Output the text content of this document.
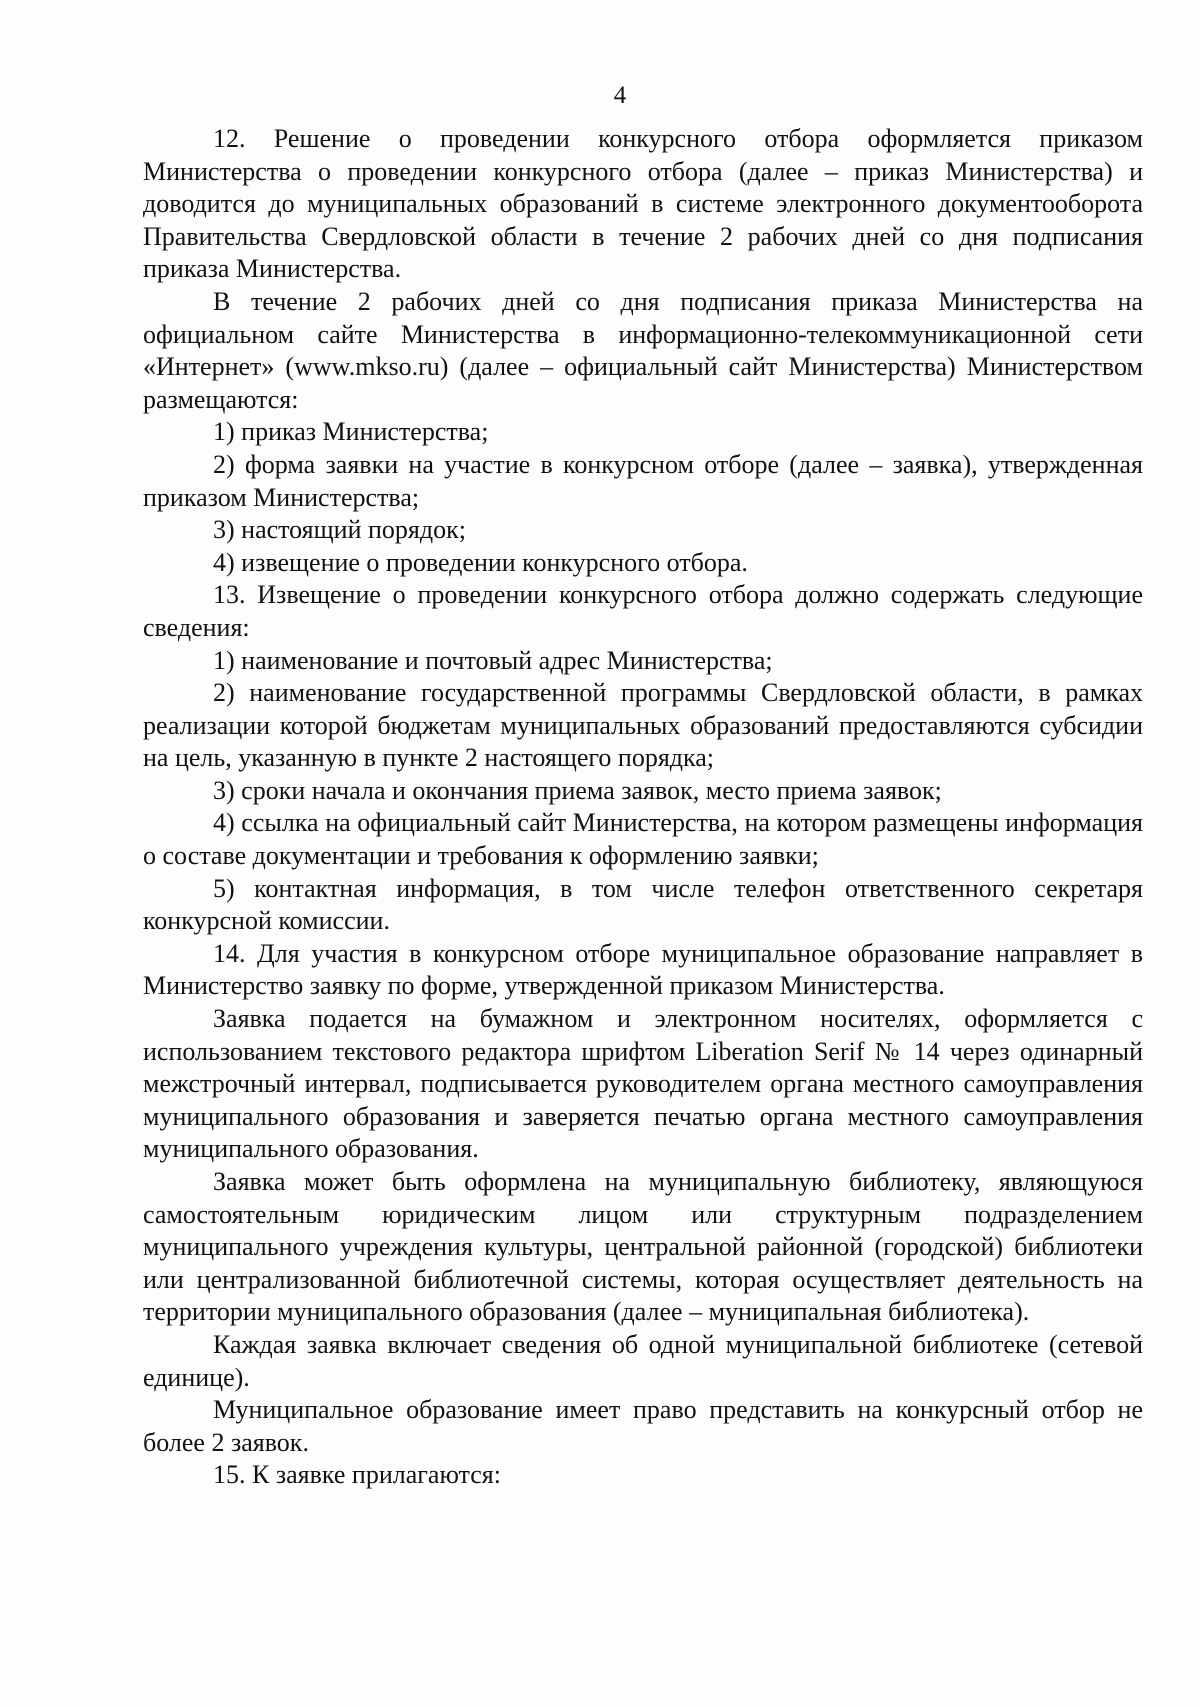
4

12. Решение о проведении конкурсного отбора оформляется приказом Министерства о проведении конкурсного отбора (далее – приказ Министерства) и доводится до муниципальных образований в системе электронного документооборота Правительства Свердловской области в течение 2 рабочих дней со дня подписания приказа Министерства.

В течение 2 рабочих дней со дня подписания приказа Министерства на официальном сайте Министерства в информационно-телекоммуникационной сети «Интернет» (www.mkso.ru) (далее – официальный сайт Министерства) Министерством размещаются:

1) приказ Министерства;

2) форма заявки на участие в конкурсном отборе (далее – заявка), утвержденная приказом Министерства;

3) настоящий порядок;

4) извещение о проведении конкурсного отбора.

13. Извещение о проведении конкурсного отбора должно содержать следующие сведения:

1) наименование и почтовый адрес Министерства;

2) наименование государственной программы Свердловской области, в рамках реализации которой бюджетам муниципальных образований предоставляются субсидии на цель, указанную в пункте 2 настоящего порядка;

3) сроки начала и окончания приема заявок, место приема заявок;

4) ссылка на официальный сайт Министерства, на котором размещены информация о составе документации и требования к оформлению заявки;

5) контактная информация, в том числе телефон ответственного секретаря конкурсной комиссии.

14. Для участия в конкурсном отборе муниципальное образование направляет в Министерство заявку по форме, утвержденной приказом Министерства.

Заявка подается на бумажном и электронном носителях, оформляется с использованием текстового редактора шрифтом Liberation Serif № 14 через одинарный межстрочный интервал, подписывается руководителем органа местного самоуправления муниципального образования и заверяется печатью органа местного самоуправления муниципального образования.

Заявка может быть оформлена на муниципальную библиотеку, являющуюся самостоятельным юридическим лицом или структурным подразделением муниципального учреждения культуры, центральной районной (городской) библиотеки или централизованной библиотечной системы, которая осуществляет деятельность на территории муниципального образования (далее – муниципальная библиотека).

Каждая заявка включает сведения об одной муниципальной библиотеке (сетевой единице).

Муниципальное образование имеет право представить на конкурсный отбор не более 2 заявок.

15. К заявке прилагаются:
